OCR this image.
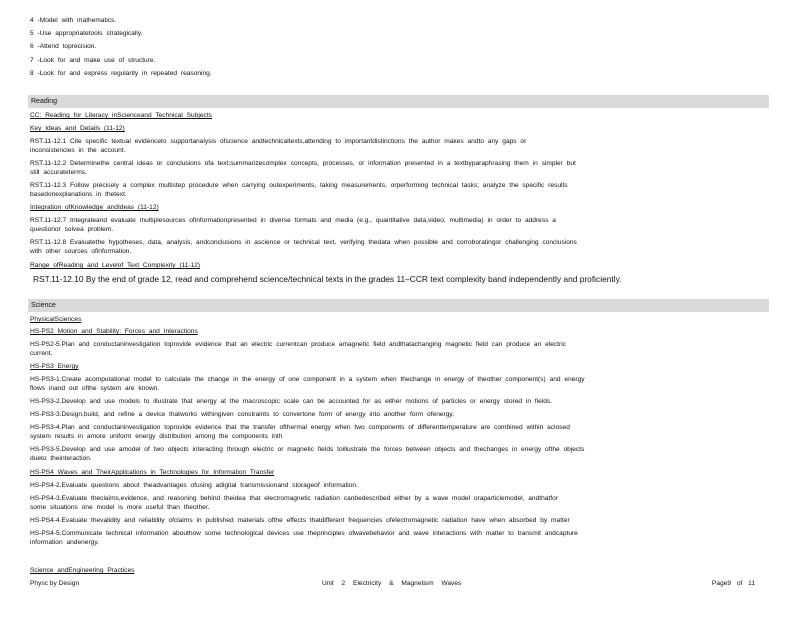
4 -Model with mathematics.
5 -Use appropriatetools strategically.
6 -Attend toprecision.
7 -Look for and make use of structure.
8 -Look for and express regularity in repeated reasoning.
Reading
CC: Reading for Literacy inScienceand Technical Subjects
Key Ideas and Details (11-12)
RST.11-12.1 Cite specific textual evidenceto supportanalysis ofscience andtechnicaltexts,attending to importantdistinctions the author makes andto any gaps or
inconsistencies in the account.
RST.11-12.2 Determinethe central ideas or conclusions ofa text;summarizecomplex concepts, processes, or information presented in a textbyparaphrasing them in simpler but
still accurateterms.
RST.11-12.3 Follow precisely a complex multistep procedure when carrying outexperiments, taking measurements, orperforming technical tasks; analyze the specific results
basedonexplanations in thetext.
Integration ofKnowledge andIdeas (11-12)
RST.11-12.7 Integrateand evaluate multiplesources ofinformationpresented in diverse formats and media (e.g., quantitative data,video, multimedia) in order to address a
questionor solvea problem.
RST.11-12.8 Evaluatethe hypotheses, data, analysis, andconclusions in ascience or technical text, verifying thedata when possible and corroboratingor challenging conclusions
with other sources ofinformation.
Range ofReading and Levelof Text Complexity (11-12)
RST.11-12.10 By the end of grade 12, read and comprehend science/technical texts in the grades 11–CCR text complexity band independently and proficiently.
Science
PhysicalSciences
HS-PS2 Motion and Stability: Forces and Interactions
HS-PS2-5.Plan and conductaninvestigation toprovide evidence that an electric currentcan produce amagnetic field andthatachanging magnetic field can produce an electric
current.
HS-PS3 Energy
HS-PS3-1.Create acomputational model to calculate the change in the energy of one component in a system when thechange in energy of theother component(s) and energy
flows inand out ofthe system are known.
HS-PS3-2.Develop and use models to illustrate that energy at the macroscopic scale can be accounted for as either motions of particles or energy stored in fields.
HS-PS3-3.Design,build, and refine a device thatworks withingiven constraints to convertone form of energy into another form ofenergy.
HS-PS3-4.Plan and conductaninvestigation toprovide evidence that the transfer ofthermal energy when two components of differenttemperature are combined within aclosed
system results in amore uniform energy distribution among the components inth
HS-PS3-5.Develop and use amodel of two objects interacting through electric or magnetic fields toillustrate the forces between objects and thechanges in energy ofthe objects
dueto theinteraction.
HS-PS4 Waves and TheirApplications in Technologies for Information Transfer
HS-PS4-2.Evaluate questions about theadvantages ofusing adigital transmissionand storageof information.
HS-PS4-3.Evaluate theclaims,evidence, and reasoning behind theidea that electromagnetic radiation canbedescribed either by a wave model oraparticlemodel, andthatfor
some situations one model is more useful than theother.
HS-PS4-4.Evaluate thevalidity and reliability ofclaims in published materials ofthe effects thatdifferent frequencies ofelectromagnetic radiation have when absorbed by matter
HS-PS4-5.Communicate technical information abouthow some technological devices use theprinciples ofwavebehavior and wave interactions with matter to transmit andcapture
information andenergy.
Science andEngineering Practices
Physc by Design	Unit 2 Electricity & Magnetism Waves	Page9 of 11
